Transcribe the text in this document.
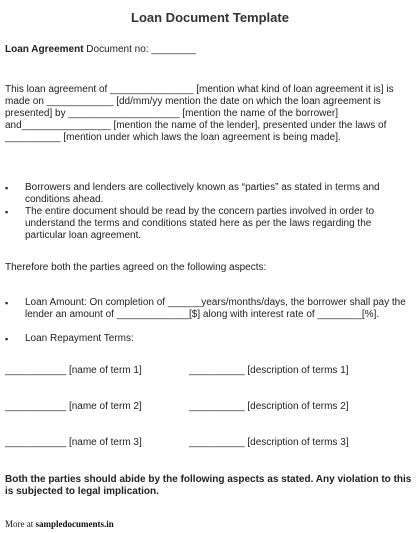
Loan Document Template
Loan Agreement Document no: ________
This loan agreement of _______________ [mention what kind of loan agreement it is] is made on ____________ [dd/mm/yy mention the date on which the loan agreement is presented] by ____________________ [mention the name of the borrower] and________________ [mention the name of the lender], presented under the laws of __________ [mention under which laws the loan agreement is being made].
▪ Borrowers and lenders are collectively known as “parties” as stated in terms and conditions ahead.
▪ The entire document should be read by the concern parties involved in order to understand the terms and conditions stated here as per the laws regarding the particular loan agreement.
Therefore both the parties agreed on the following aspects:
▪ Loan Amount: On completion of ______years/months/days, the borrower shall pay the lender an amount of _____________[$] along with interest rate of ________[%].
▪ Loan Repayment Terms:
___________ [name of term 1]	__________ [description of terms 1]
___________ [name of term 2]	__________ [description of terms 2]
___________ [name of term 3]	__________ [description of terms 3]
Both the parties should abide by the following aspects as stated. Any violation to this is subjected to legal implication.
More at sampledocuments.in
